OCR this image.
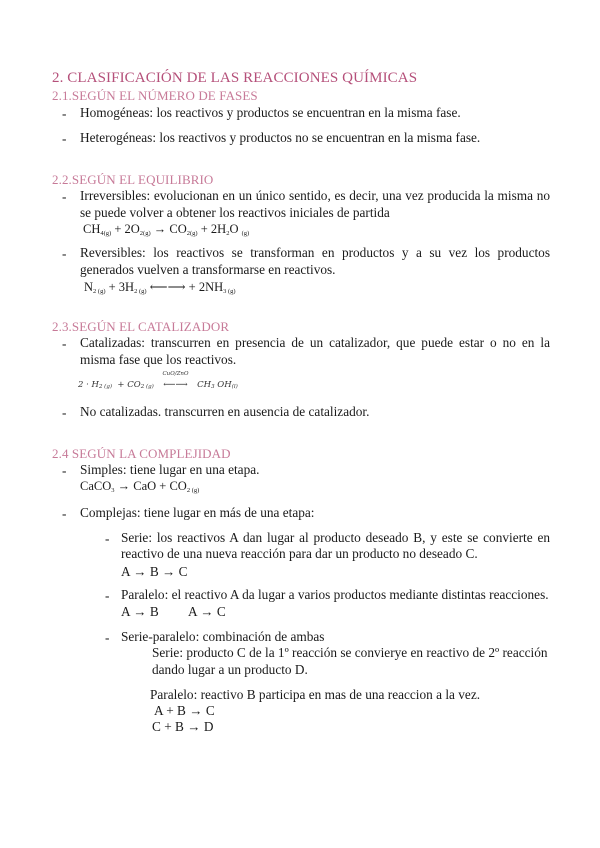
2. CLASIFICACIÓN DE LAS REACCIONES QUÍMICAS
2.1.SEGÚN EL NÚMERO DE FASES
- Homogéneas: los reactivos y productos se encuentran en la misma fase.
- Heterogéneas: los reactivos y productos no se encuentran en la misma fase.
2.2.SEGÚN EL EQUILIBRIO
- Irreversibles: evolucionan en un único sentido, es decir, una vez producida la misma no
se puede volver a obtener los reactivos iniciales de partida
$CH_{4(g)} + 2O_{2(g)} \to CO_{2(g)} + 2H_2O$ $_{(g)}$
- Reversibles: los reactivos se transforman en productos y a su vez los productos
generados vuelven a transformarse en reactivos.
$N_{2 (g)} + 3H_{2 (g)}$ ⟵⟶ + $2NH_{3 (g)}$
2.3.SEGÚN EL CATALIZADOR
- Catalizadas: transcurren en presencia de un catalizador, que puede estar o no en la
misma fase que los reactivos.
$2 \cdot H_{2 (g)} + CO_{2 (g)}$
CuO/ZnO
⟵⟶ $CH_3$ $OH_{(l)}$
- No catalizadas. transcurren en ausencia de catalizador.
2.4 SEGÚN LA COMPLEJIDAD
- Simples: tiene lugar en una etapa.
CaCO$_3$ → CaO + $CO_{2 (g)}$
- Complejas: tiene lugar en más de una etapa:
- Serie: los reactivos A dan lugar al producto deseado B, y este se convierte en
reactivo de una nueva reacción para dar un producto no deseado C.
A → B → C
- Paralelo: el reactivo A da lugar a varios productos mediante distintas reacciones.
A → B A → C
- Serie-paralelo: combinación de ambas
Serie: producto C de la 1º reacción se convieryе en reactivo de 2º reacción
dando lugar a un producto D.
Paralelo: reactivo B participa en mas de una reaccion a la vez.
A + B → C
C + B → D
